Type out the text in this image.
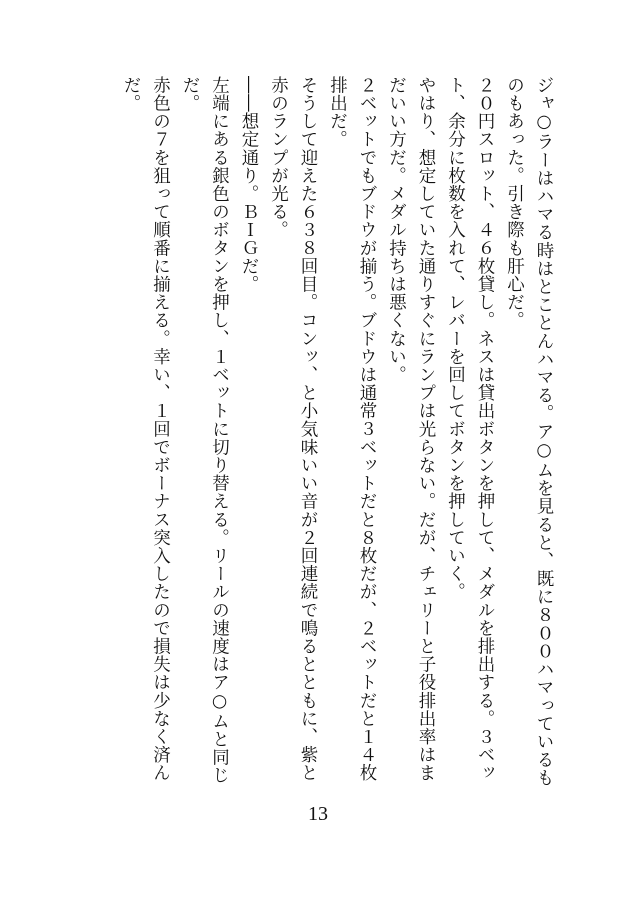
ジャ○ラーはハマる時はとことんハマる。ア○ムを見ると、既に８００ハマっているものもあった。引き際も肝心だ。

２０円スロット、４６枚貸し。ネスは貸出ボタンを押して、メダルを排出する。３ベット、余分に枚数を入れて、レバーを回してボタンを押していく。

やはり、想定していた通りすぐにランプは光らない。だが、チェリーと子役排出率はまだいい方だ。メダル持ちは悪くない。

２ベットでもブドウが揃う。ブドウは通常３ベットだと８枚だが、２ベットだと１４枚排出だ。

そうして迎えた６３８回目。コンッ、と小気味いい音が２回連続で鳴るとともに、紫と赤のランプが光る。

――想定通り。ＢＩＧだ。

左端にある銀色のボタンを押し、１ベットに切り替える。リールの速度はア○ムと同じだ。

赤色の７を狙って順番に揃える。幸い、１回でボーナス突入したので損失は少なく済んだ。

13
